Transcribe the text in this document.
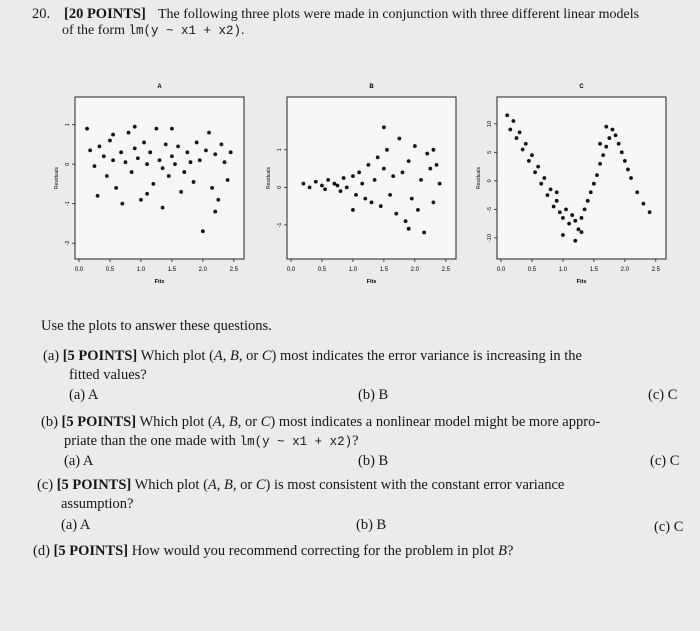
20. [20 POINTS] The following three plots were made in conjunction with three different linear models
of the form lm(y ~ x1 + x2).
A
0.0	0.5	1.0	1.5	2.0	2.5
-2
-1
0
1
Fits
Residuals
B
0.0	0.5	1.0	1.5	2.0	2.5
-1
0
1
Fits
Residuals
C
0.0	0.5	1.0	1.5	2.0	2.5
-10
-5
0
5
10
Fits
Residuals
Use the plots to answer these questions.
(a) [5 POINTS] Which plot (A, B, or C) most indicates the error variance is increasing in the
fitted values?
(a) A	(b) B	(c) C
(b) [5 POINTS] Which plot (A, B, or C) most indicates a nonlinear model might be more appro-
priate than the one made with lm(y ~ x1 + x2)?
(a) A	(b) B	(c) C
(c) [5 POINTS] Which plot (A, B, or C) is most consistent with the constant error variance
assumption?
(a) A	(b) B	(c) C
(d) [5 POINTS] How would you recommend correcting for the problem in plot B?
